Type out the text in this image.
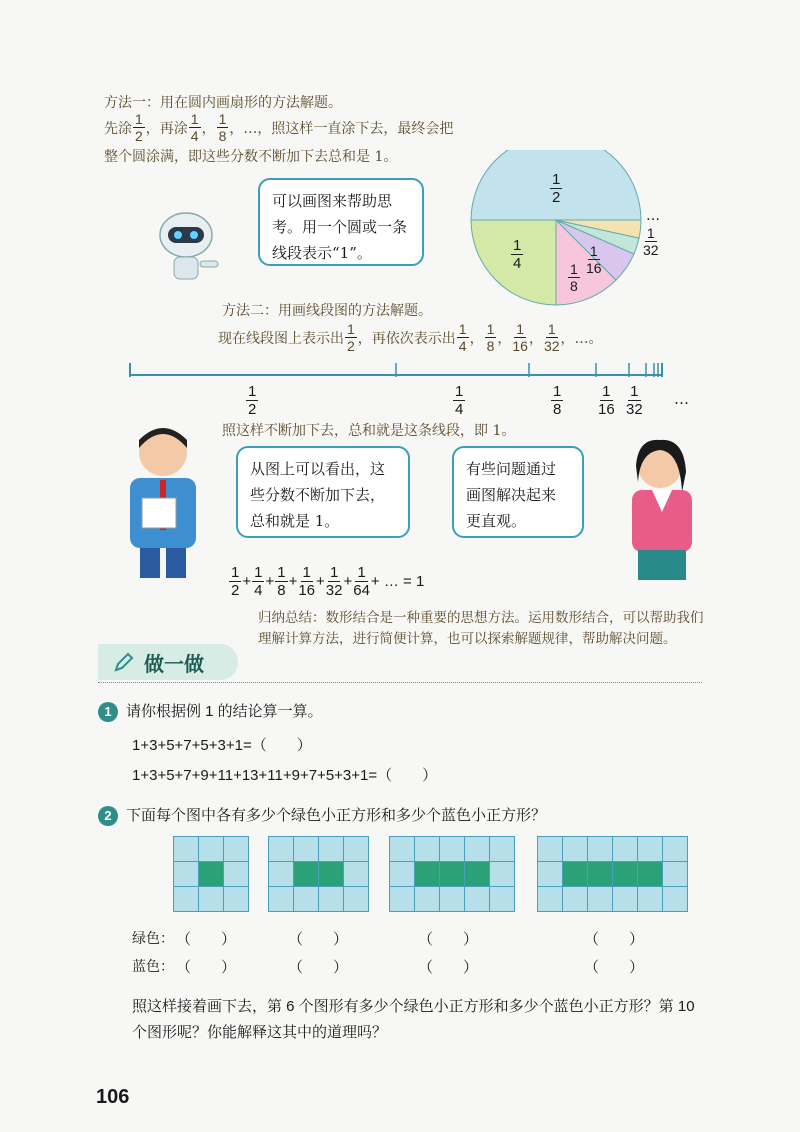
方法一：用在圆内画扇形的方法解题。
先涂 $\frac{1}{2}$ ，再涂 $\frac{1}{4}$ ， $\frac{1}{8}$ ，…，照这样一直涂下去，最终会把
整个圆涂满，即这些分数不断加下去总和是 1。
可以画图来帮助思考。用一个圆或一条线段表示“1”。
$\frac{1}{2}$
$\frac{1}{4}$
$\frac{1}{8}$
$\frac{1}{16}$
$\frac{1}{32}$
…
方法二：用画线段图的方法解题。
现在线段图上表示出 $\frac{1}{2}$ ，再依次表示出 $\frac{1}{4}$ ， $\frac{1}{8}$ ， $\frac{1}{16}$ ， $\frac{1}{32}$ ，…。
$\frac{1}{2}$	$\frac{1}{4}$	$\frac{1}{8} \frac{1}{16} \frac{1}{32}$ …
照这样不断加下去，总和就是这条线段，即 1。
从图上可以看出，这些分数不断加下去，总和就是 1。
有些问题通过画图解决起来更直观。
$\frac{1}{2} + \frac{1}{4} + \frac{1}{8} + \frac{1}{16} + \frac{1}{32} + \frac{1}{64}$ + … = 1
归纳总结：数形结合是一种重要的思想方法。运用数形结合，可以帮助我们理解计算方法，进行简便计算，也可以探索解题规律，帮助解决问题。
做一做
1 请你根据例 1 的结论算一算。
1+3+5+7+5+3+1=（　　）
1+3+5+7+9+11+13+11+9+7+5+3+1=（　　）
2 下面每个图中各有多少个绿色小正方形和多少个蓝色小正方形？
绿色： （　　）	（　　）	（　　）	（　　）
蓝色： （　　）	（　　）	（　　）	（　　）
照这样接着画下去，第 6 个图形有多少个绿色小正方形和多少个蓝色小正方形？第 10 个图形呢？你能解释这其中的道理吗？
106
